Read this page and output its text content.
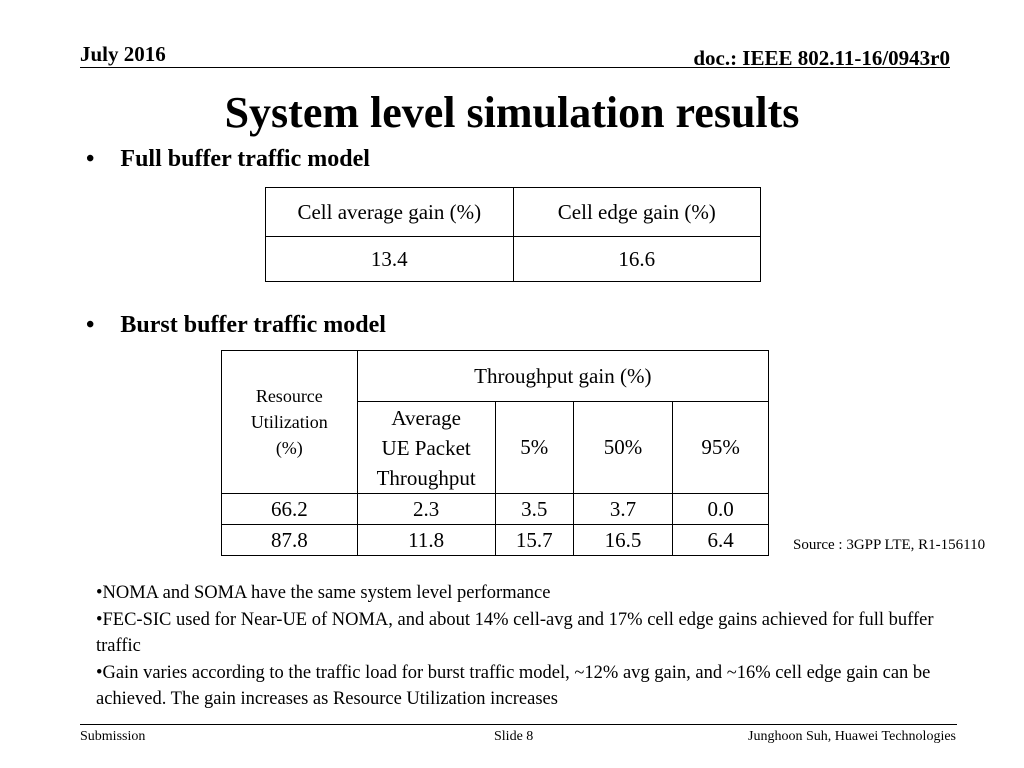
July 2016	doc.: IEEE 802.11-16/0943r0
System level simulation results
• Full buffer traffic model
Cell average gain (%)	Cell edge gain (%)
13.4	16.6
• Burst buffer traffic model
Resource
Utilization
(%)	Throughput gain (%)			
	Average
UE Packet
Throughput	5%	50%	95%
66.2	2.3	3.5	3.7	0.0
87.8	11.8	15.7	16.5	6.4	Source : 3GPP LTE, R1-156110
•NOMA and SOMA have the same system level performance
•FEC-SIC used for Near-UE of NOMA, and about 14% cell-avg and 17% cell edge gains achieved for full buffer traffic
•Gain varies according to the traffic load for burst traffic model, ~12% avg gain, and ~16% cell edge gain can be achieved. The gain increases as Resource Utilization increases
Submission	Slide 8	Junghoon Suh, Huawei Technologies
